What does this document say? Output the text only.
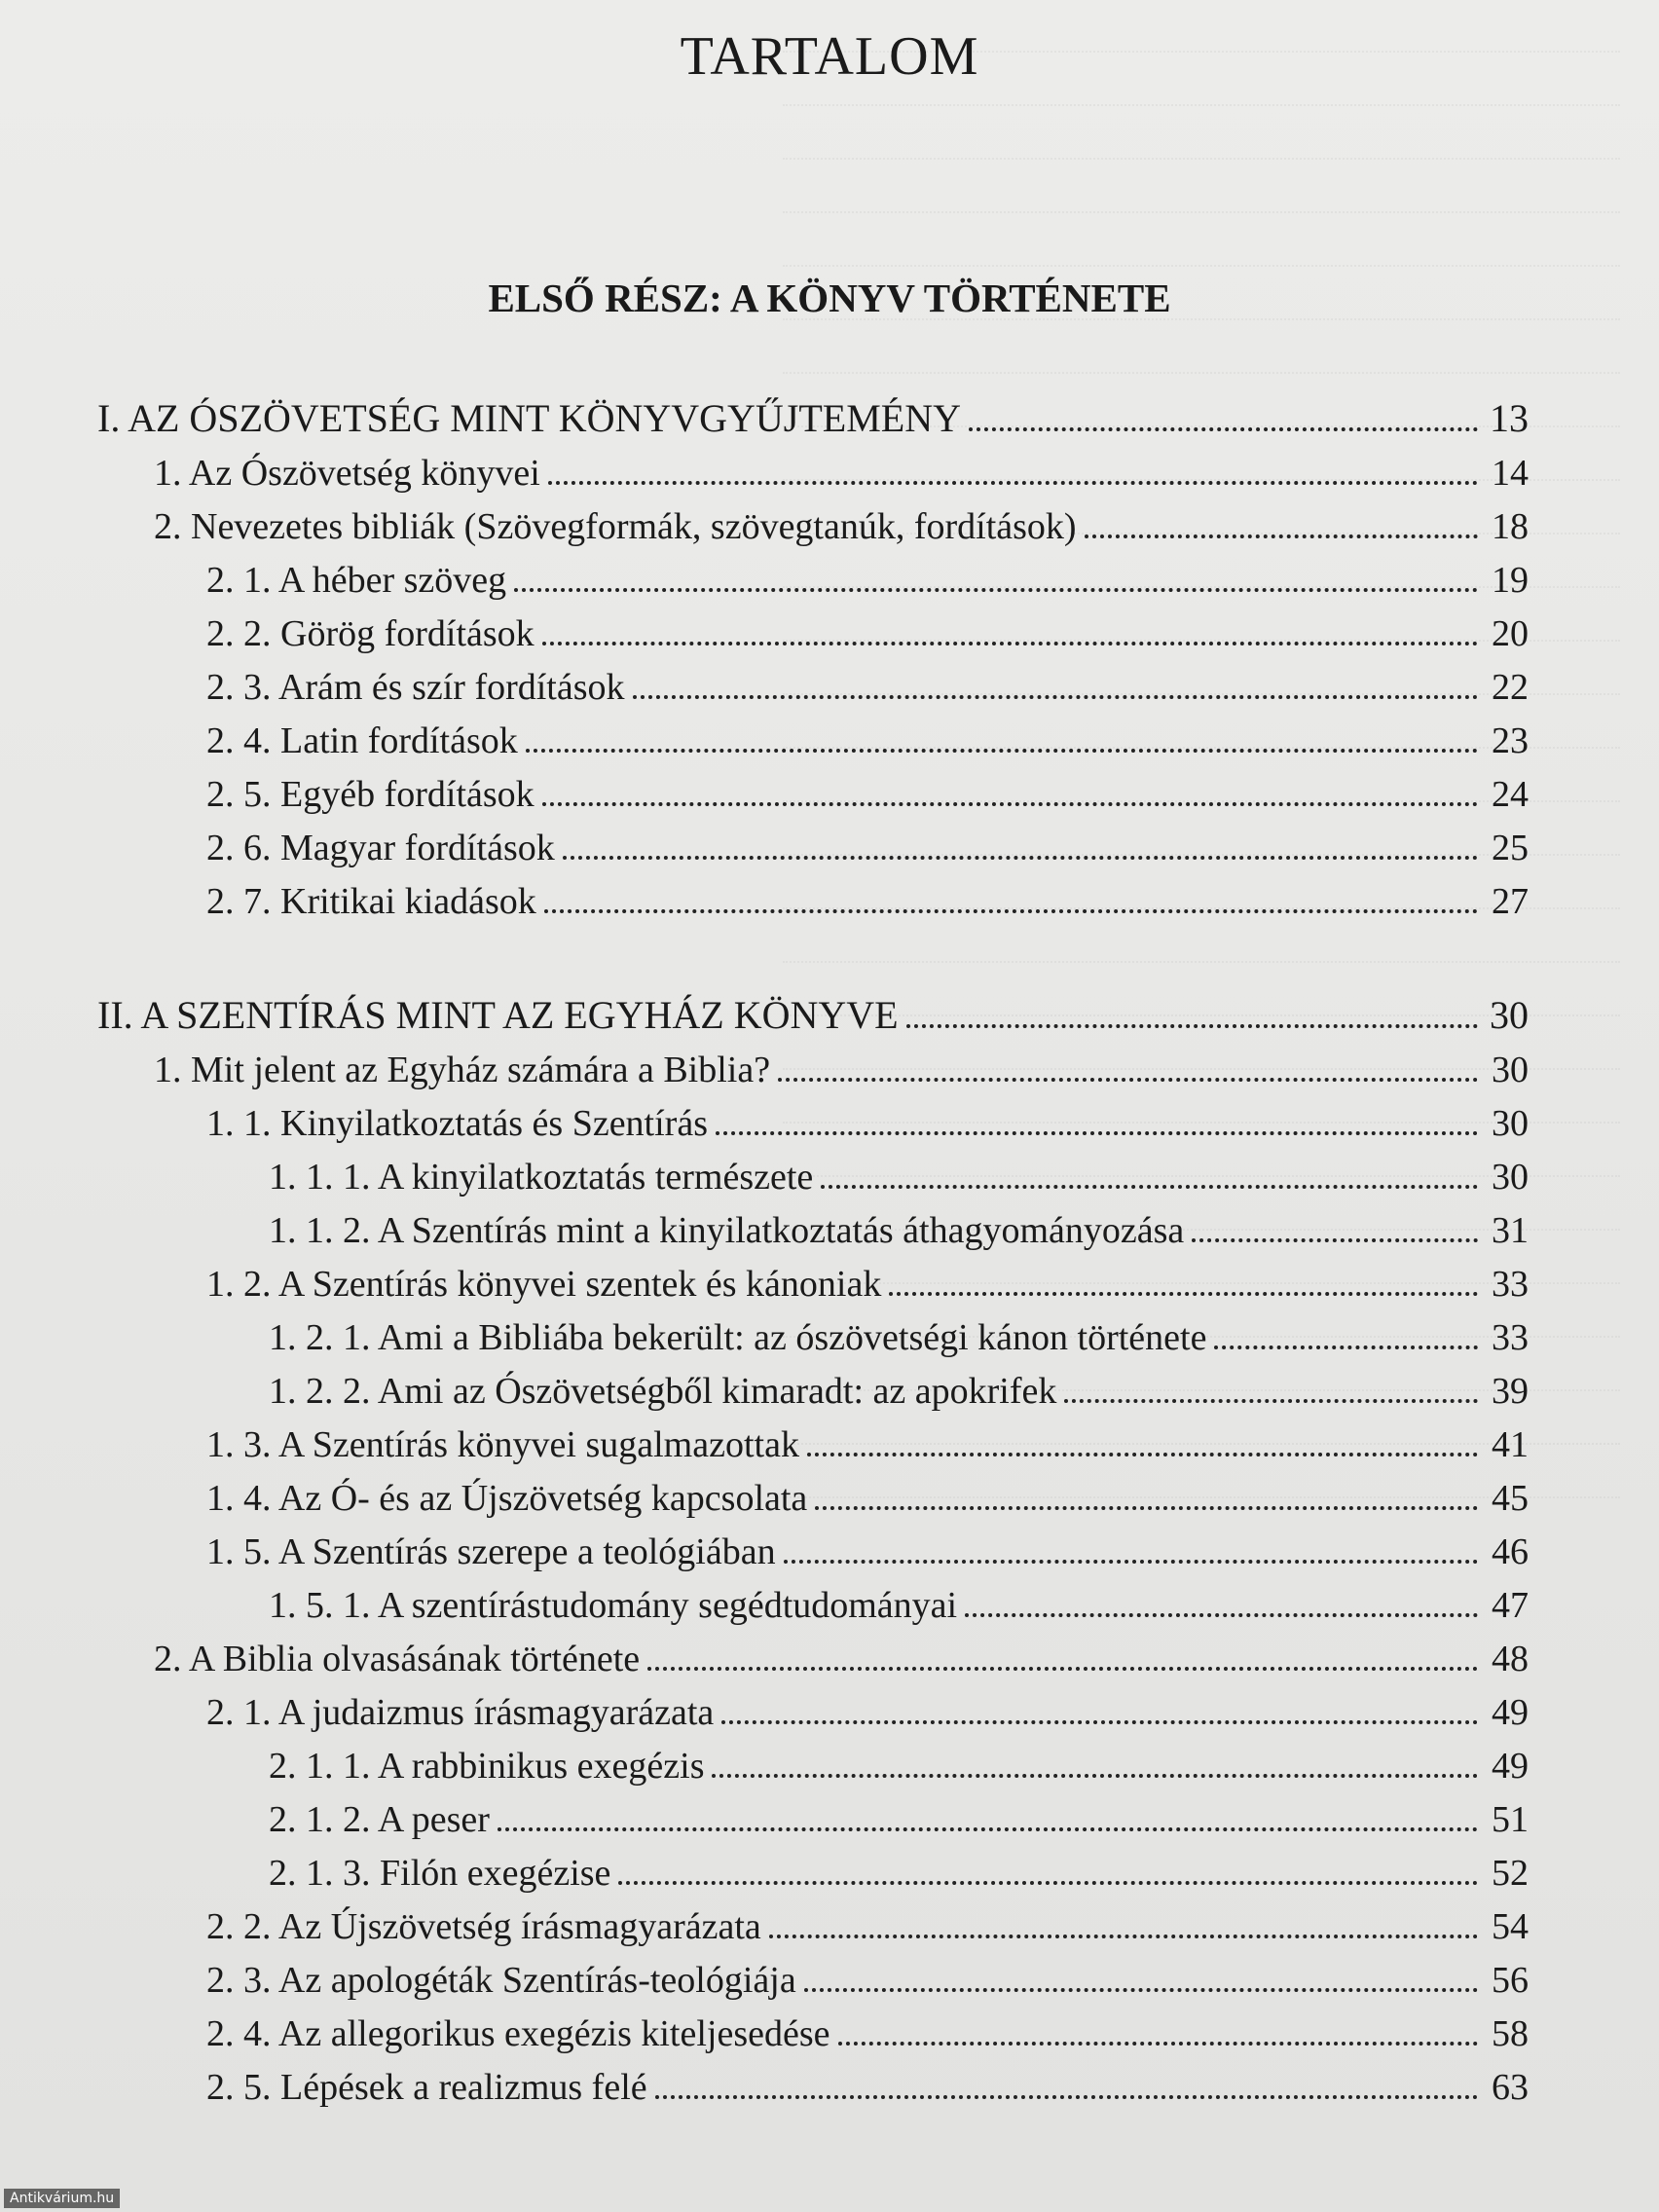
TARTALOM
ELSŐ RÉSZ: A KÖNYV TÖRTÉNETE
I. AZ ÓSZÖVETSÉG MINT KÖNYVGYŰJTEMÉNY	13
1. Az Ószövetség könyvei	14
2. Nevezetes bibliák (Szövegformák, szövegtanúk, fordítások)	18
2. 1. A héber szöveg	19
2. 2. Görög fordítások	20
2. 3. Arám és szír fordítások	22
2. 4. Latin fordítások	23
2. 5. Egyéb fordítások	24
2. 6. Magyar fordítások	25
2. 7. Kritikai kiadások	27
II. A SZENTÍRÁS MINT AZ EGYHÁZ KÖNYVE	30
1. Mit jelent az Egyház számára a Biblia?	30
1. 1. Kinyilatkoztatás és Szentírás	30
1. 1. 1. A kinyilatkoztatás természete	30
1. 1. 2. A Szentírás mint a kinyilatkoztatás áthagyományozása	31
1. 2. A Szentírás könyvei szentek és kánoniak	33
1. 2. 1. Ami a Bibliába bekerült: az ószövetségi kánon története	33
1. 2. 2. Ami az Ószövetségből kimaradt: az apokrifek	39
1. 3. A Szentírás könyvei sugalmazottak	41
1. 4. Az Ó- és az Újszövetség kapcsolata	45
1. 5. A Szentírás szerepe a teológiában	46
1. 5. 1. A szentírástudomány segédtudományai	47
2. A Biblia olvasásának története	48
2. 1. A judaizmus írásmagyarázata	49
2. 1. 1. A rabbinikus exegézis	49
2. 1. 2. A peser	51
2. 1. 3. Filón exegézise	52
2. 2. Az Újszövetség írásmagyarázata	54
2. 3. Az apologéták Szentírás-teológiája	56
2. 4. Az allegorikus exegézis kiteljesedése	58
2. 5. Lépések a realizmus felé	63
Antikvárium.hu
